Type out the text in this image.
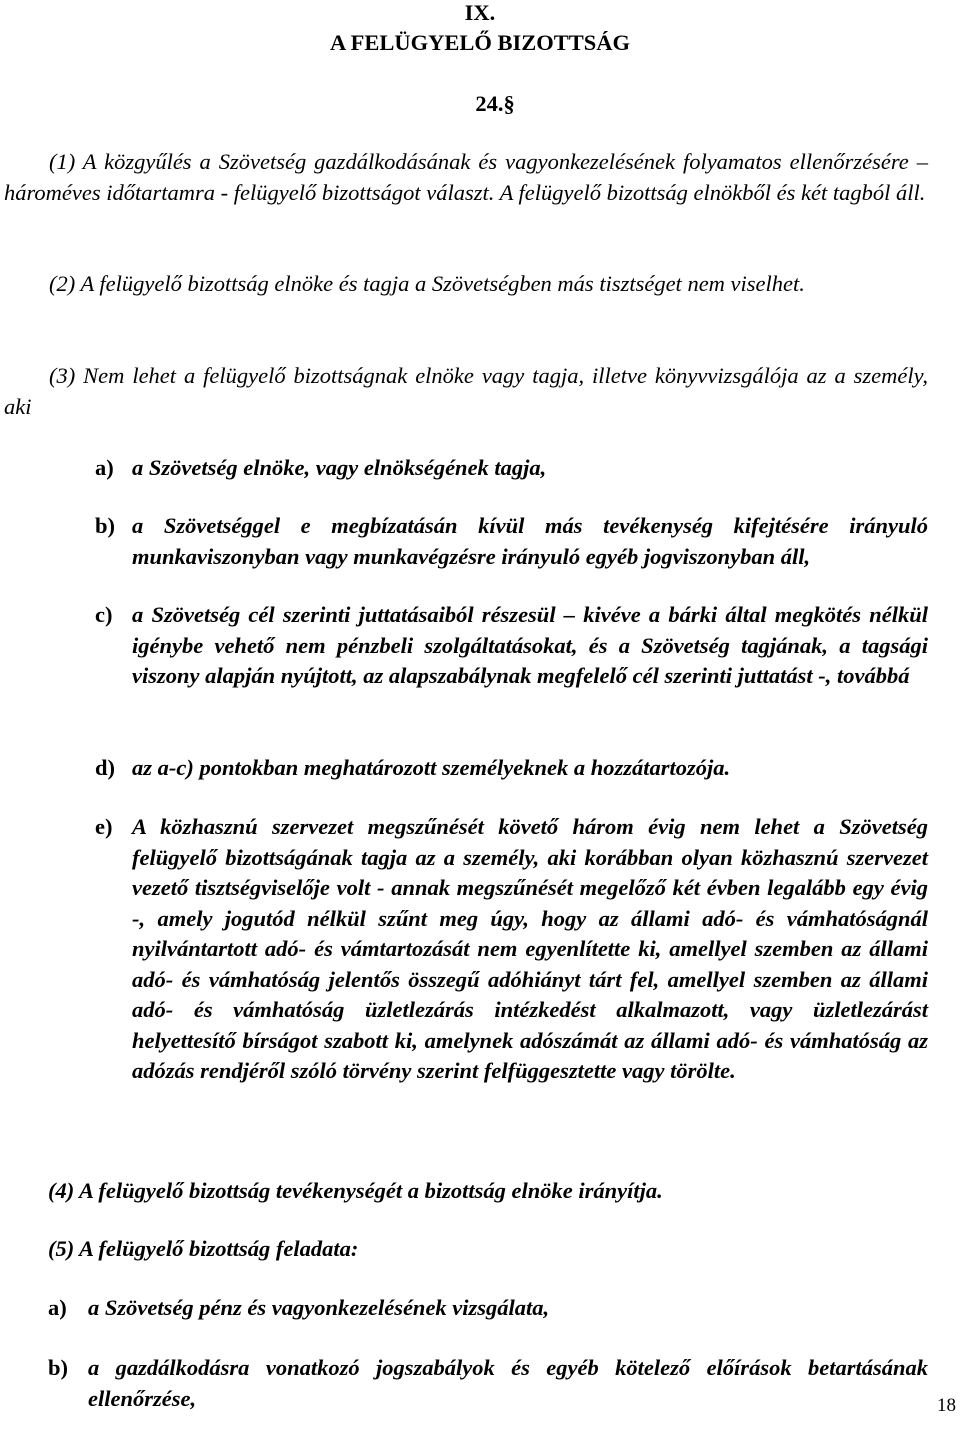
IX.
A FELÜGYELŐ BIZOTTSÁG
24.§
(1) A közgyűlés a Szövetség gazdálkodásának és vagyonkezelésének folyamatos ellenőrzésére – hároméves időtartamra - felügyelő bizottságot választ. A felügyelő bizottság elnökből és két tagból áll.
(2) A felügyelő bizottság elnöke és tagja a Szövetségben más tisztséget nem viselhet.
(3) Nem lehet a felügyelő bizottságnak elnöke vagy tagja, illetve könyvvizsgálója az a személy, aki
a) a Szövetség elnöke, vagy elnökségének tagja,
b) a Szövetséggel e megbízatásán kívül más tevékenység kifejtésére irányuló munkaviszonyban vagy munkavégzésre irányuló egyéb jogviszonyban áll,
c) a Szövetség cél szerinti juttatásaiból részesül – kivéve a bárki által megkötés nélkül igénybe vehető nem pénzbeli szolgáltatásokat, és a Szövetség tagjának, a tagsági viszony alapján nyújtott, az alapszabálynak megfelelő cél szerinti juttatást -, továbbá
d) az a-c) pontokban meghatározott személyeknek a hozzátartozója.
e) A közhasznú szervezet megszűnését követő három évig nem lehet a Szövetség felügyelő bizottságának tagja az a személy, aki korábban olyan közhasznú szervezet vezető tisztségviselője volt - annak megszűnését megelőző két évben legalább egy évig -, amely jogutód nélkül szűnt meg úgy, hogy az állami adó- és vámhatóságnál nyilvántartott adó- és vámtartozását nem egyenlítette ki, amellyel szemben az állami adó- és vámhatóság jelentős összegű adóhiányt tárt fel, amellyel szemben az állami adó- és vámhatóság üzletlezárás intézkedést alkalmazott, vagy üzletlezárást helyettesítő bírságot szabott ki, amelynek adószámát az állami adó- és vámhatóság az adózás rendjéről szóló törvény szerint felfüggesztette vagy törölte.
(4) A felügyelő bizottság tevékenységét a bizottság elnöke irányítja.
(5) A felügyelő bizottság feladata:
a) a Szövetség pénz és vagyonkezelésének vizsgálata,
b) a gazdálkodásra vonatkozó jogszabályok és egyéb kötelező előírások betartásának ellenőrzése,	18
